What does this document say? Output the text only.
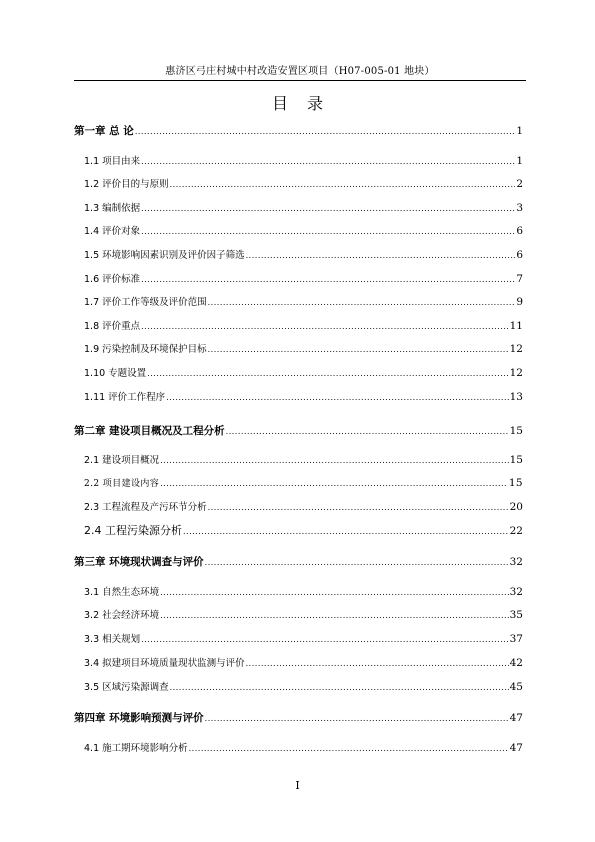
惠济区弓庄村城中村改造安置区项目（H07-005-01 地块）
目 录
第一章 总 论 .....	1
1.1 项目由来 .....	1
1.2 评价目的与原则 .....	2
1.3 编制依据 .....	3
1.4 评价对象 .....	6
1.5 环境影响因素识别及评价因子筛选 .....	6
1.6 评价标准 .....	7
1.7 评价工作等级及评价范围 .....	9
1.8 评价重点 .....	11
1.9 污染控制及环境保护目标 .....	12
1.10 专题设置 .....	12
1.11 评价工作程序 .....	13
第二章 建设项目概况及工程分析 .....	15
2.1 建设项目概况 .....	15
2.2 项目建设内容 .....	15
2.3 工程流程及产污环节分析 .....	20
2.4 工程污染源分析 .....	22
第三章 环境现状调查与评价 .....	32
3.1 自然生态环境 .....	32
3.2 社会经济环境 .....	35
3.3 相关规划 .....	37
3.4 拟建项目环境质量现状监测与评价 .....	42
3.5 区域污染源调查 .....	45
第四章 环境影响预测与评价 .....	47
4.1 施工期环境影响分析 .....	47
I
